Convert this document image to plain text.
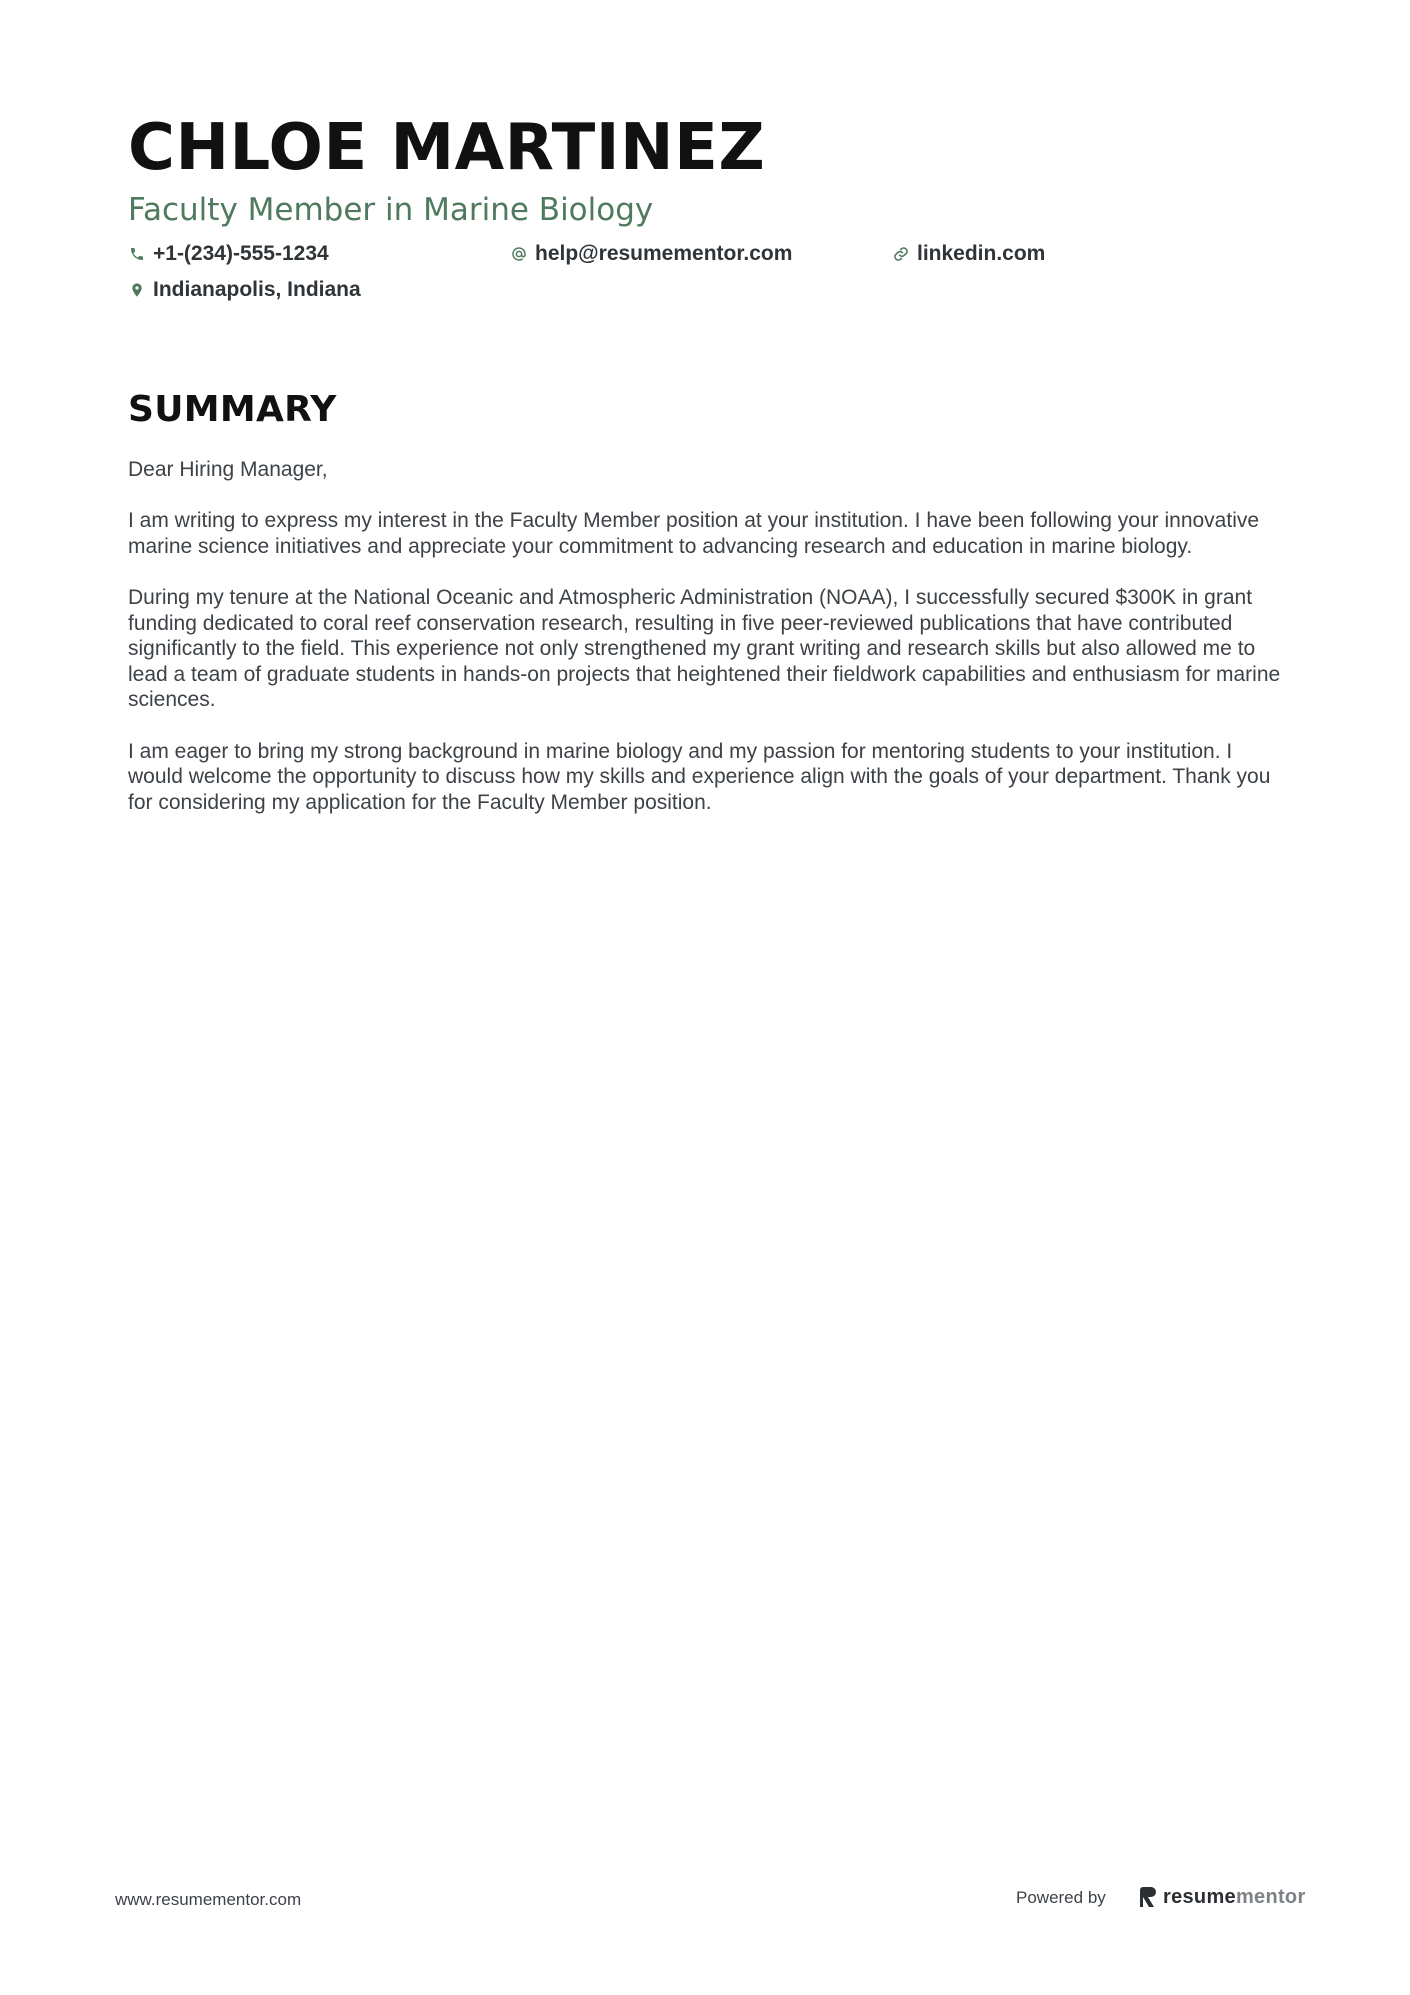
CHLOE MARTINEZ
Faculty Member in Marine Biology
+1-(234)-555-1234	help@resumementor.com	linkedin.com
Indianapolis, Indiana
SUMMARY

Dear Hiring Manager,

I am writing to express my interest in the Faculty Member position at your institution. I have been following your innovative marine science initiatives and appreciate your commitment to advancing research and education in marine biology.

During my tenure at the National Oceanic and Atmospheric Administration (NOAA), I successfully secured $300K in grant funding dedicated to coral reef conservation research, resulting in five peer-reviewed publications that have contributed significantly to the field. This experience not only strengthened my grant writing and research skills but also allowed me to lead a team of graduate students in hands-on projects that heightened their fieldwork capabilities and enthusiasm for marine sciences.

I am eager to bring my strong background in marine biology and my passion for mentoring students to your institution. I would welcome the opportunity to discuss how my skills and experience align with the goals of your department. Thank you for considering my application for the Faculty Member position.

www.resumementor.com	Powered by	resumementor
